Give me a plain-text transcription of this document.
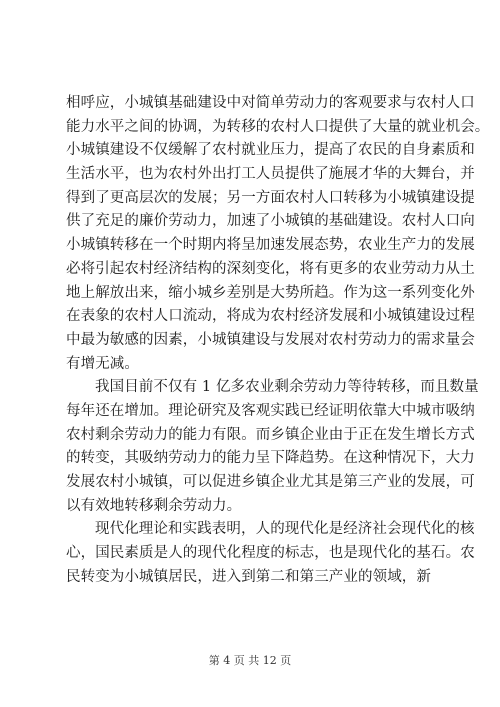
相呼应，小城镇基础建设中对简单劳动力的客观要求与农村人口
能力水平之间的协调，为转移的农村人口提供了大量的就业机会。
小城镇建设不仅缓解了农村就业压力，提高了农民的自身素质和
生活水平，也为农村外出打工人员提供了施展才华的大舞台，并
得到了更高层次的发展；另一方面农村人口转移为小城镇建设提
供了充足的廉价劳动力，加速了小城镇的基础建设。农村人口向
小城镇转移在一个时期内将呈加速发展态势，农业生产力的发展
必将引起农村经济结构的深刻变化，将有更多的农业劳动力从土
地上解放出来，缩小城乡差别是大势所趋。作为这一系列变化外
在表象的农村人口流动，将成为农村经济发展和小城镇建设过程
中最为敏感的因素，小城镇建设与发展对农村劳动力的需求量会
有增无减。
我国目前不仅有 1 亿多农业剩余劳动力等待转移，而且数量
每年还在增加。理论研究及客观实践已经证明依靠大中城市吸纳
农村剩余劳动力的能力有限。而乡镇企业由于正在发生增长方式
的转变，其吸纳劳动力的能力呈下降趋势。在这种情况下，大力
发展农村小城镇，可以促进乡镇企业尤其是第三产业的发展，可
以有效地转移剩余劳动力。
现代化理论和实践表明，人的现代化是经济社会现代化的核
心，国民素质是人的现代化程度的标志，也是现代化的基石。农
民转变为小城镇居民，进入到第二和第三产业的领域，新
第 4 页 共 12 页
